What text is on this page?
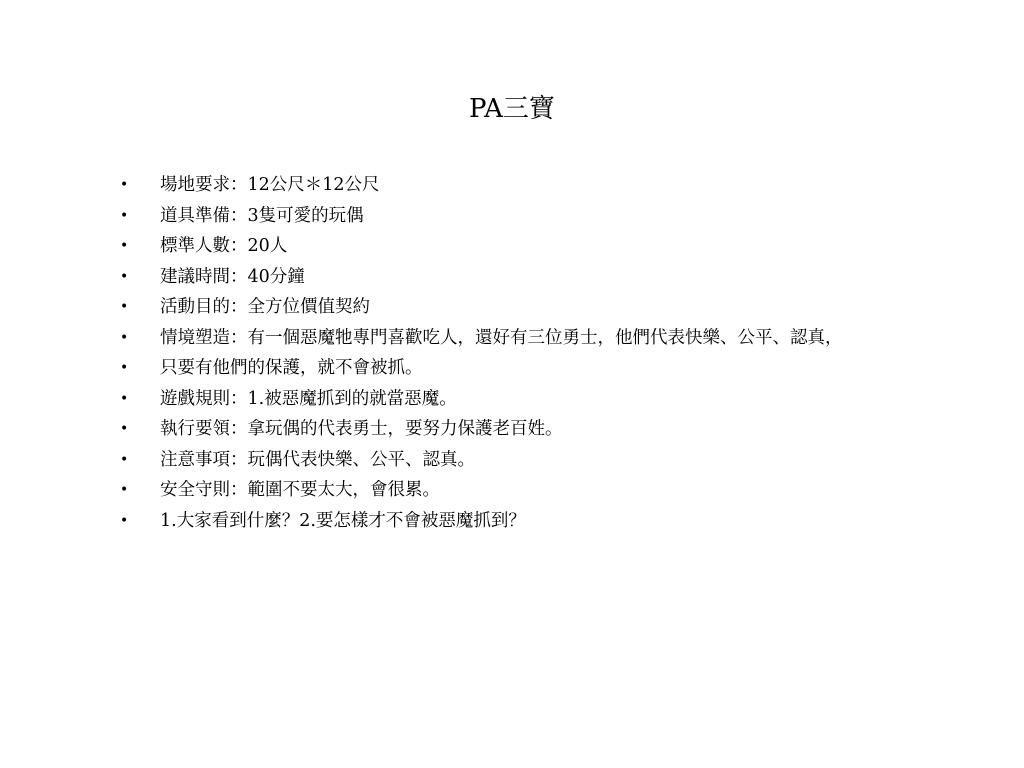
PA三寶
• 場地要求：12公尺＊12公尺
• 道具準備：3隻可愛的玩偶
• 標準人數：20人
• 建議時間：40分鐘
• 活動目的：全方位價值契約
• 情境塑造：有一個惡魔牠專門喜歡吃人，還好有三位勇士，他們代表快樂、公平、認真，
• 只要有他們的保護，就不會被抓。
• 遊戲規則：1.被惡魔抓到的就當惡魔。
• 執行要領：拿玩偶的代表勇士，要努力保護老百姓。
• 注意事項：玩偶代表快樂、公平、認真。
• 安全守則：範圍不要太大，會很累。
• 1.大家看到什麼？2.要怎樣才不會被惡魔抓到？
